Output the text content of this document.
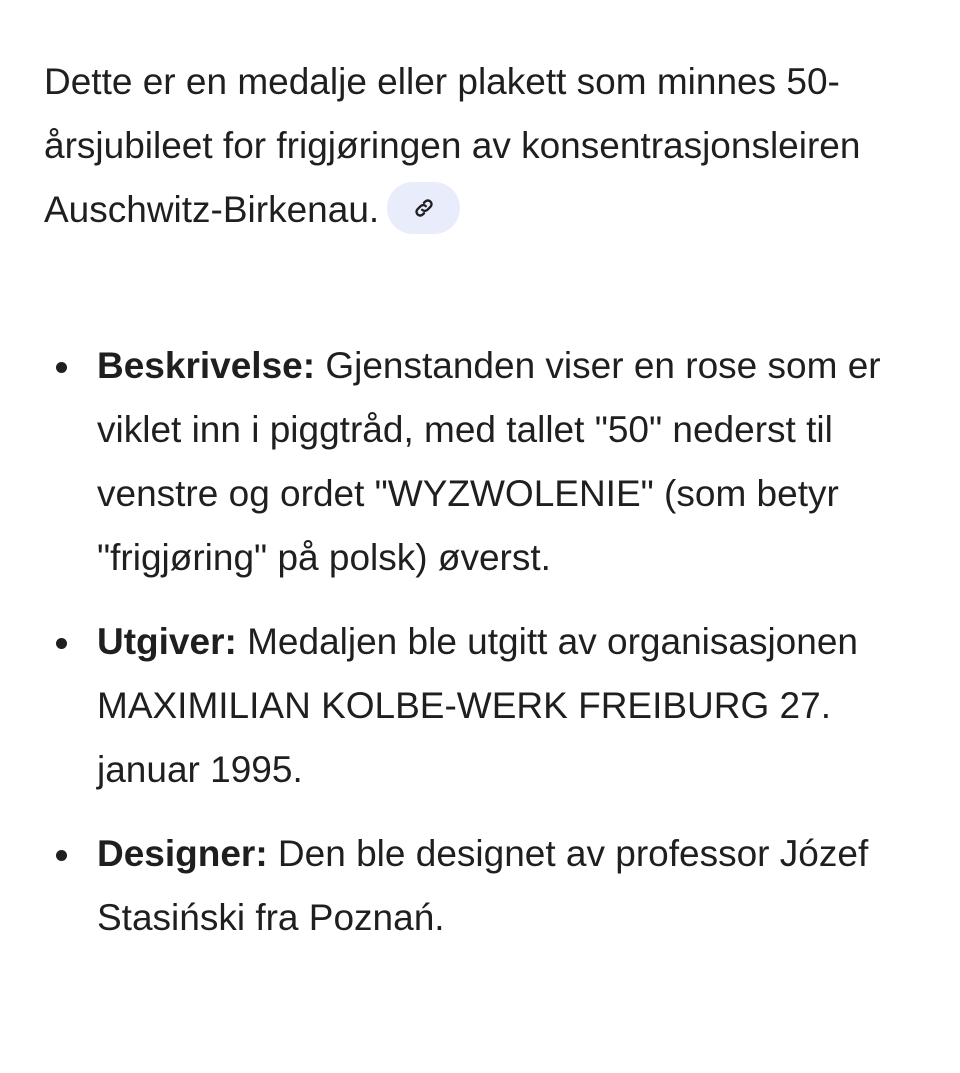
Dette er en medalje eller plakett som minnes 50-årsjubileet for frigjøringen av konsentrasjonsleiren Auschwitz-Birkenau.

Beskrivelse: Gjenstanden viser en rose som er viklet inn i piggtråd, med tallet "50" nederst til venstre og ordet "WYZWOLENIE" (som betyr "frigjøring" på polsk) øverst.
Utgiver: Medaljen ble utgitt av organisasjonen MAXIMILIAN KOLBE-WERK FREIBURG 27. januar 1995.
Designer: Den ble designet av professor Józef Stasiński fra Poznań.
